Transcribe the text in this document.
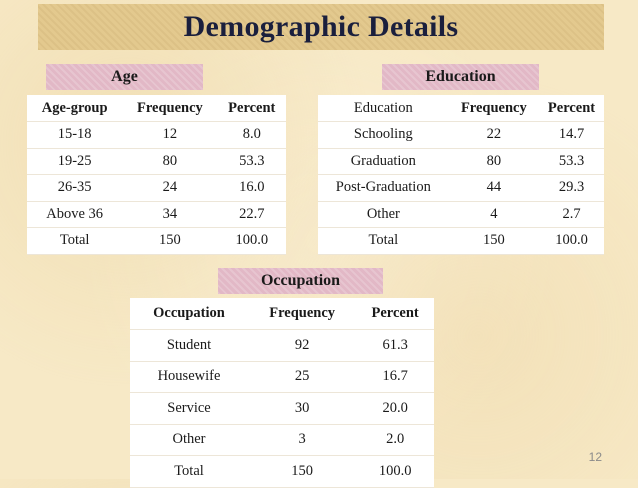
Demographic Details
Age	Education
Occupation
Age-group	Frequency	Percent
15-18	12	8.0
19-25	80	53.3
26-35	24	16.0
Above 36	34	22.7
Total	150	100.0
Education	Frequency	Percent
Schooling	22	14.7
Graduation	80	53.3
Post-Graduation	44	29.3
Other	4	2.7
Total	150	100.0
Occupation	Frequency	Percent
Student	92	61.3
Housewife	25	16.7
Service	30	20.0
Other	3	2.0
Total	150	100.0
12
